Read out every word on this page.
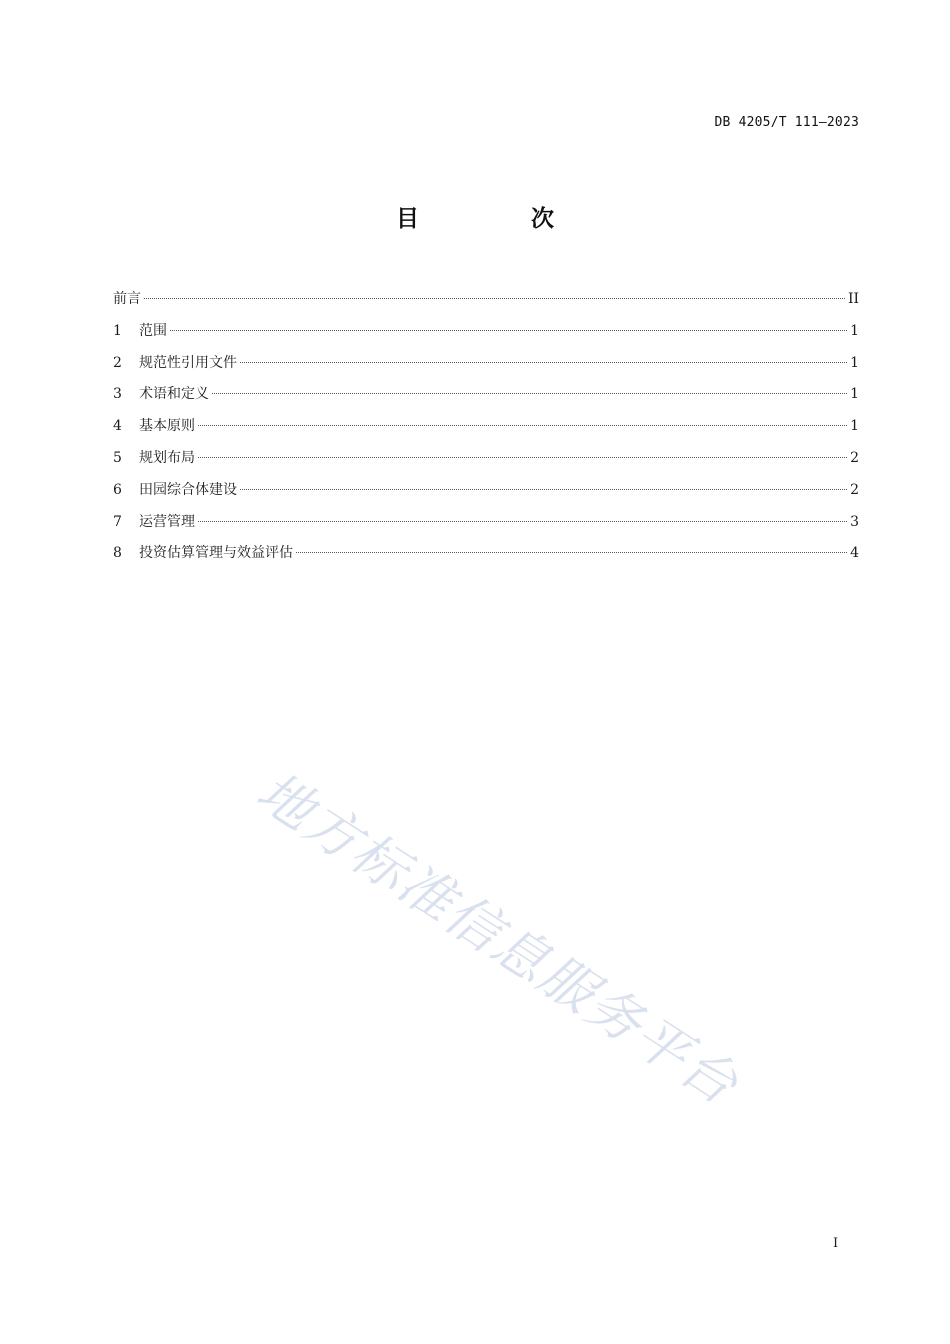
DB 4205/T 111—2023
目 次
前言	II
1	范围	1
2	规范性引用文件	1
3	术语和定义	1
4	基本原则	1
5	规划布局	2
6	田园综合体建设	2
7	运营管理	3
8	投资估算管理与效益评估	4
地方标准信息服务平台
I
